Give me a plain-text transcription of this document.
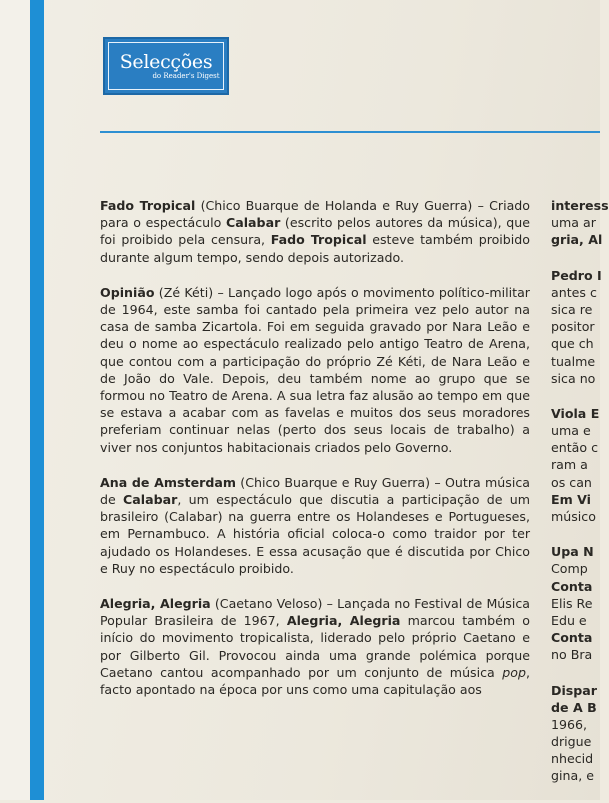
Selecções
do Reader's Digest

Fado Tropical (Chico Buarque de Holanda e Ruy Guerra) – Criado para o espectáculo Calabar (escrito pelos autores da música), que foi proibido pela censura, Fado Tropical esteve também proibido durante algum tempo, sendo depois autorizado.

Opinião (Zé Kéti) – Lançado logo após o movimento político-militar de 1964, este samba foi cantado pela primeira vez pelo autor na casa de samba Zicartola. Foi em seguida gravado por Nara Leão e deu o nome ao espectáculo realizado pelo antigo Teatro de Arena, que contou com a participação do próprio Zé Kéti, de Nara Leão e de João do Vale. Depois, deu também nome ao grupo que se formou no Teatro de Arena. A sua letra faz alusão ao tempo em que se estava a acabar com as favelas e muitos dos seus moradores preferiam continuar nelas (perto dos seus locais de trabalho) a viver nos conjuntos habitacionais criados pelo Governo.

Ana de Amsterdam (Chico Buarque e Ruy Guerra) – Outra música de Calabar, um espectáculo que discutia a participação de um brasileiro (Calabar) na guerra entre os Holandeses e Portugueses, em Pernambuco. A história oficial coloca-o como traidor por ter ajudado os Holandeses. E essa acusação que é discutida por Chico e Ruy no espectáculo proibido.

Alegria, Alegria (Caetano Veloso) – Lançada no Festival de Música Popular Brasileira de 1967, Alegria, Alegria marcou também o início do movimento tropicalista, liderado pelo próprio Caetano e por Gilberto Gil. Provocou ainda uma grande polémica porque Caetano cantou acompanhado por um conjunto de música pop, facto apontado na época por uns como uma capitulação aos

interess
uma ar
gria, Al
Pedro I
antes c
sica re
positor
que ch
tualme
sica no
Viola E
uma e
então c
ram a
os can
Em Vi
músico
Upa N
Comp
Conta
Elis Re
Edu e
Conta
no Bra
Dispar
de A B
1966,
drigue
nhecid
gina, e
